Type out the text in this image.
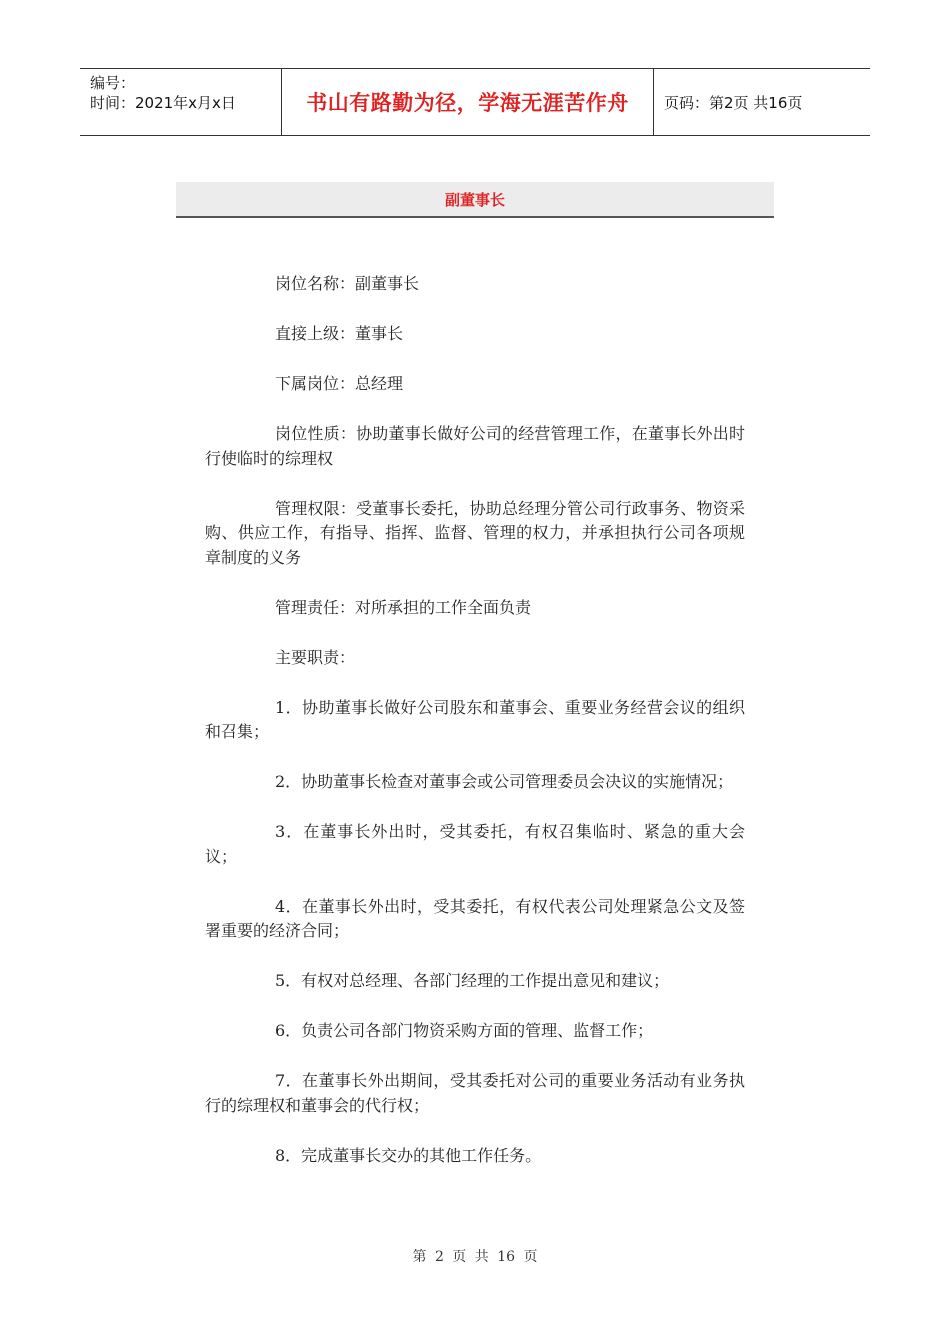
编号：
时间：2021年x月x日	书山有路勤为径，学海无涯苦作舟	页码：第2页 共16页
副董事长

岗位名称：副董事长

直接上级：董事长

下属岗位：总经理

岗位性质：协助董事长做好公司的经营管理工作，在董事长外出时行使临时的综理权

管理权限：受董事长委托，协助总经理分管公司行政事务、物资采购、供应工作，有指导、指挥、监督、管理的权力，并承担执行公司各项规章制度的义务

管理责任：对所承担的工作全面负责

主要职责：

1．协助董事长做好公司股东和董事会、重要业务经营会议的组织和召集；

2．协助董事长检查对董事会或公司管理委员会决议的实施情况；

3．在董事长外出时，受其委托，有权召集临时、紧急的重大会议；

4．在董事长外出时，受其委托，有权代表公司处理紧急公文及签署重要的经济合同；

5．有权对总经理、各部门经理的工作提出意见和建议；

6．负责公司各部门物资采购方面的管理、监督工作；

7．在董事长外出期间，受其委托对公司的重要业务活动有业务执行的综理权和董事会的代行权；

8．完成董事长交办的其他工作任务。

第 2 页 共 16 页
